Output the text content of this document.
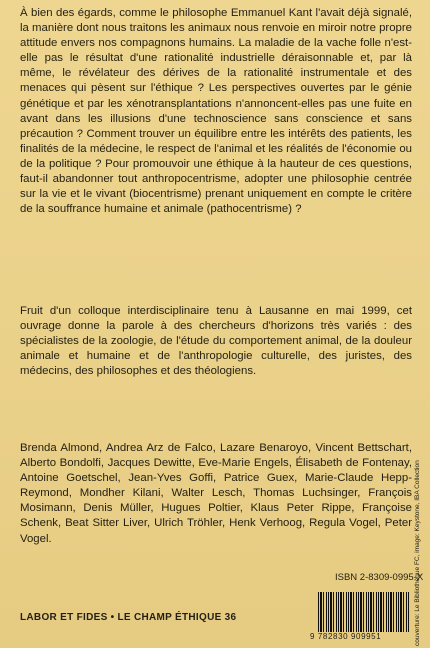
À bien des égards, comme le philosophe Emmanuel Kant l'avait déjà signalé, la manière dont nous traitons les animaux nous renvoie en miroir notre propre attitude envers nos compagnons humains. La maladie de la vache folle n'est-elle pas le résultat d'une rationalité industrielle déraisonnable et, par là même, le révélateur des dérives de la rationalité instrumentale et des menaces qui pèsent sur l'éthique ? Les perspectives ouvertes par le génie génétique et par les xénotransplantations n'annoncent-elles pas une fuite en avant dans les illusions d'une technoscience sans conscience et sans précaution ? Comment trouver un équilibre entre les intérêts des patients, les finalités de la médecine, le respect de l'animal et les réalités de l'économie ou de la politique ? Pour promouvoir une éthique à la hauteur de ces questions, faut-il abandonner tout anthropocentrisme, adopter une philosophie centrée sur la vie et le vivant (biocentrisme) prenant uniquement en compte le critère de la souffrance humaine et animale (pathocentrisme) ?

Fruit d'un colloque interdisciplinaire tenu à Lausanne en mai 1999, cet ouvrage donne la parole à des chercheurs d'horizons très variés : des spécialistes de la zoologie, de l'étude du comportement animal, de la douleur animale et humaine et de l'anthropologie culturelle, des juristes, des médecins, des philosophes et des théologiens.

Brenda Almond, Andrea Arz de Falco, Lazare Benaroyo, Vincent Bettschart, Alberto Bondolfi, Jacques Dewitte, Eve-Marie Engels, Élisabeth de Fontenay, Antoine Goetschel, Jean-Yves Goffi, Patrice Guex, Marie-Claude Hepp-Reymond, Mondher Kilani, Walter Lesch, Thomas Luchsinger, François Mosimann, Denis Müller, Hugues Poltier, Klaus Peter Rippe, Françoise Schenk, Beat Sitter Liver, Ulrich Tröhler, Henk Verhoog, Regula Vogel, Peter Vogel.

ISBN 2-8309-0995-X
9 782830 909951
LABOR ET FIDES • LE CHAMP ÉTHIQUE 36	couverture: Le Bibliothèque FC, image: Keystone, IBA Collection
